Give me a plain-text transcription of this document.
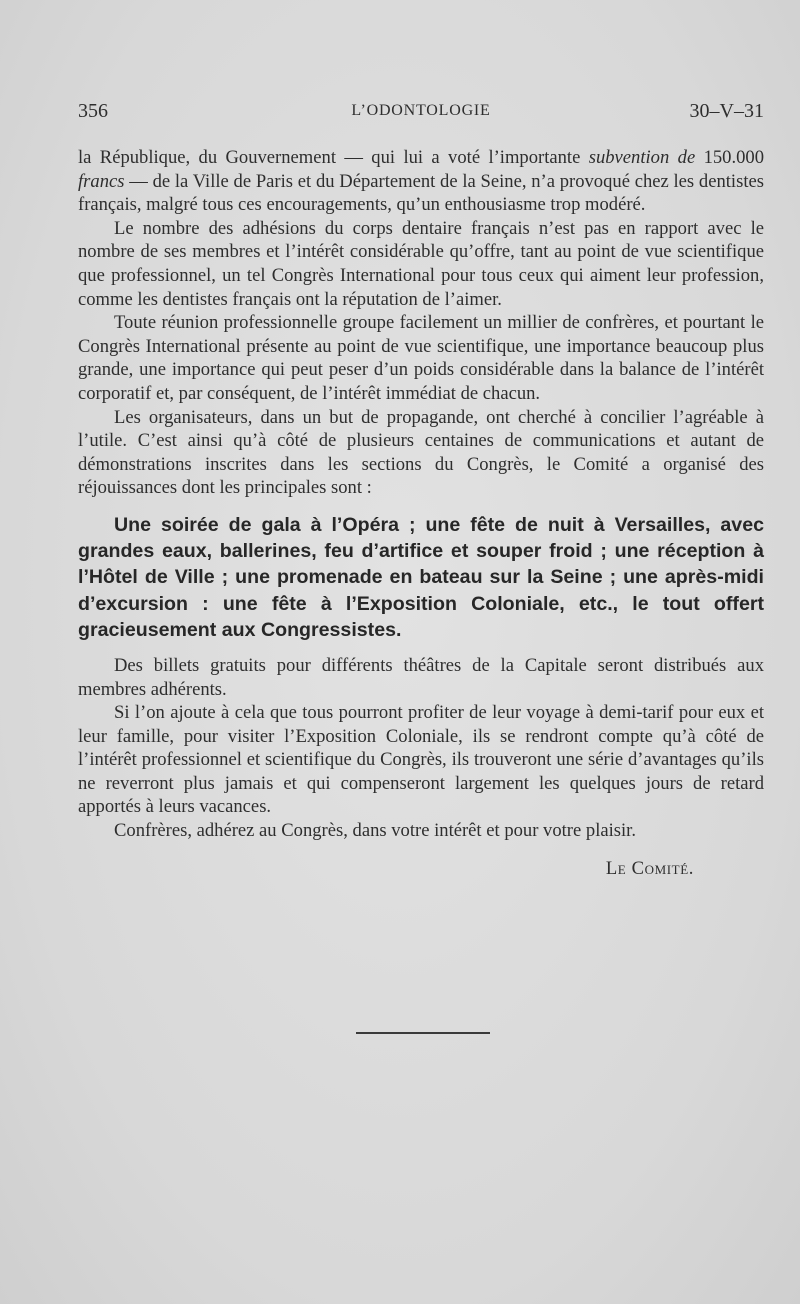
356	L’ODONTOLOGIE	30–V–31

la République, du Gouvernement — qui lui a voté l’importante subvention de 150.000 francs — de la Ville de Paris et du Département de la Seine, n’a provoqué chez les dentistes français, malgré tous ces encouragements, qu’un enthousiasme trop modéré.

Le nombre des adhésions du corps dentaire français n’est pas en rapport avec le nombre de ses membres et l’intérêt considérable qu’offre, tant au point de vue scientifique que professionnel, un tel Congrès International pour tous ceux qui aiment leur profession, comme les dentistes français ont la réputation de l’aimer.

Toute réunion professionnelle groupe facilement un millier de confrères, et pourtant le Congrès International présente au point de vue scientifique, une importance beaucoup plus grande, une importance qui peut peser d’un poids considérable dans la balance de l’intérêt corporatif et, par conséquent, de l’intérêt immédiat de chacun.

Les organisateurs, dans un but de propagande, ont cherché à concilier l’agréable à l’utile. C’est ainsi qu’à côté de plusieurs centaines de communications et autant de démonstrations inscrites dans les sections du Congrès, le Comité a organisé des réjouissances dont les principales sont :

Une soirée de gala à l’Opéra ; une fête de nuit à Versailles, avec grandes eaux, ballerines, feu d’artifice et souper froid ; une réception à l’Hôtel de Ville ; une promenade en bateau sur la Seine ; une après-midi d’excursion : une fête à l’Exposition Coloniale, etc., le tout offert gracieusement aux Congressistes.

Des billets gratuits pour différents théâtres de la Capitale seront distribués aux membres adhérents.

Si l’on ajoute à cela que tous pourront profiter de leur voyage à demi-tarif pour eux et leur famille, pour visiter l’Exposition Coloniale, ils se rendront compte qu’à côté de l’intérêt professionnel et scientifique du Congrès, ils trouveront une série d’avantages qu’ils ne reverront plus jamais et qui compenseront largement les quelques jours de retard apportés à leurs vacances.

Confrères, adhérez au Congrès, dans votre intérêt et pour votre plaisir.

Le Comité.
